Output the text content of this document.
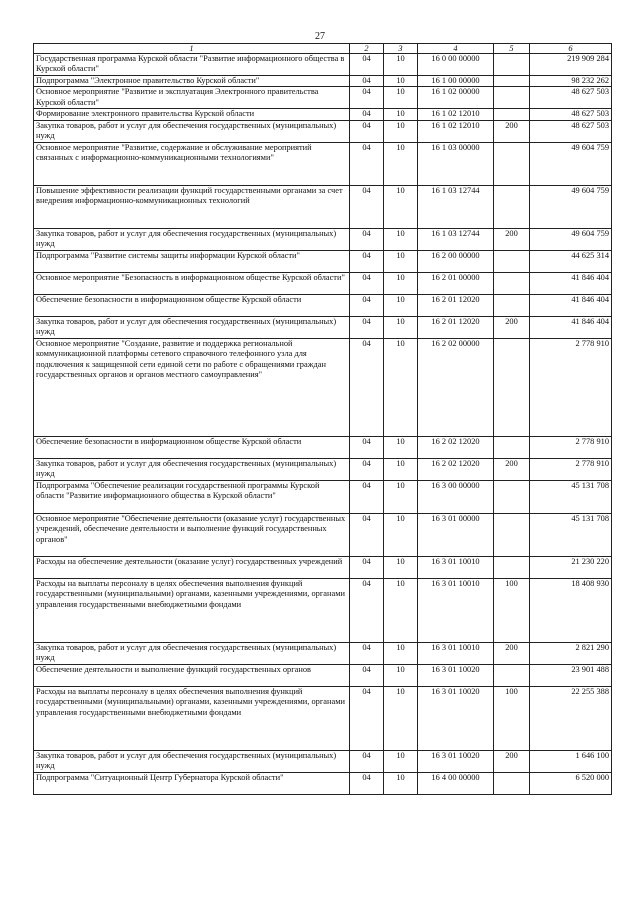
27
1	2	3	4	5	6
Государственная программа Курской области "Развитие информационного общества в Курской области"	04	10	16 0 00 00000		219 909 284
Подпрограмма "Электронное правительство Курской области"	04	10	16 1 00 00000		98 232 262
Основное мероприятие "Развитие и эксплуатация Электронного правительства Курской области"	04	10	16 1 02 00000		48 627 503
Формирование электронного правительства Курской области	04	10	16 1 02 12010		48 627 503
Закупка товаров, работ и услуг для обеспечения государственных (муниципальных) нужд	04	10	16 1 02 12010	200	48 627 503
Основное мероприятие "Развитие, содержание и обслуживание мероприятий связанных с информационно-коммуникационными технологиями"	04	10	16 1 03 00000		49 604 759
Повышение эффективности реализации функций государственными органами за счет внедрения информационно-коммуникационных технологий	04	10	16 1 03 12744		49 604 759
Закупка товаров, работ и услуг для обеспечения государственных (муниципальных) нужд	04	10	16 1 03 12744	200	49 604 759
Подпрограмма "Развитие системы защиты информации Курской области"	04	10	16 2 00 00000		44 625 314
Основное мероприятие "Безопасность в информационном обществе Курской области"	04	10	16 2 01 00000		41 846 404
Обеспечение безопасности в информационном обществе Курской области	04	10	16 2 01 12020		41 846 404
Закупка товаров, работ и услуг для обеспечения государственных (муниципальных) нужд	04	10	16 2 01 12020	200	41 846 404
Основное мероприятие "Создание, развитие и поддержка региональной коммуникационной платформы сетевого справочного телефонного узла для подключения к защищенной сети единой сети по работе с обращениями граждан государственных органов и органов местного самоуправления"	04	10	16 2 02 00000		2 778 910
Обеспечение безопасности в информационном обществе Курской области	04	10	16 2 02 12020		2 778 910
Закупка товаров, работ и услуг для обеспечения государственных (муниципальных) нужд	04	10	16 2 02 12020	200	2 778 910
Подпрограмма "Обеспечение реализации государственной программы Курской области "Развитие информационного общества в Курской области"	04	10	16 3 00 00000		45 131 708
Основное мероприятие "Обеспечение деятельности (оказание услуг) государственных учреждений, обеспечение деятельности и выполнение функций государственных органов"	04	10	16 3 01 00000		45 131 708
Расходы на обеспечение деятельности (оказание услуг) государственных учреждений	04	10	16 3 01 10010		21 230 220
Расходы на выплаты персоналу в целях обеспечения выполнения функций государственными (муниципальными) органами, казенными учреждениями, органами управления государственными внебюджетными фондами	04	10	16 3 01 10010	100	18 408 930
Закупка товаров, работ и услуг для обеспечения государственных (муниципальных) нужд	04	10	16 3 01 10010	200	2 821 290
Обеспечение деятельности и выполнение функций государственных органов	04	10	16 3 01 10020		23 901 488
Расходы на выплаты персоналу в целях обеспечения выполнения функций государственными (муниципальными) органами, казенными учреждениями, органами управления государственными внебюджетными фондами	04	10	16 3 01 10020	100	22 255 388
Закупка товаров, работ и услуг для обеспечения государственных (муниципальных) нужд	04	10	16 3 01 10020	200	1 646 100
Подпрограмма "Ситуационный Центр Губернатора Курской области"	04	10	16 4 00 00000		6 520 000
